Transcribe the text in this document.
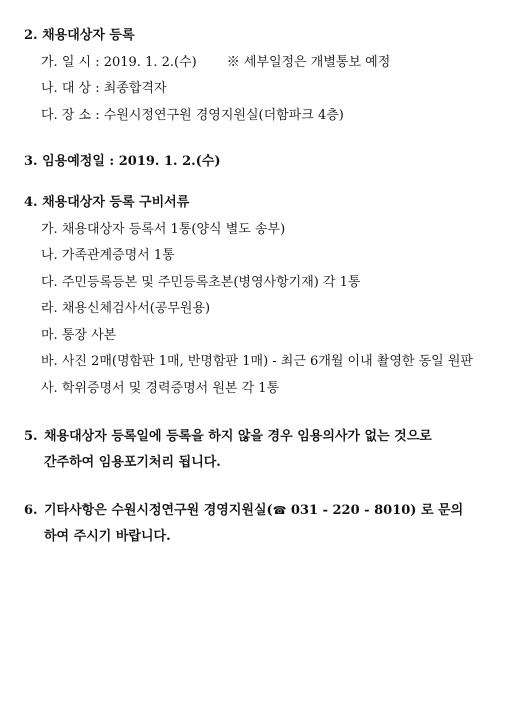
2. 채용대상자 등록
가. 일 시 : 2019. 1. 2.(수) ※ 세부일정은 개별통보 예정
나. 대 상 : 최종합격자
다. 장 소 : 수원시정연구원 경영지원실(더함파크 4층)
3. 임용예정일 : 2019. 1. 2.(수)
4. 채용대상자 등록 구비서류
가. 채용대상자 등록서 1통(양식 별도 송부)
나. 가족관계증명서 1통
다. 주민등록등본 및 주민등록초본(병영사항기재) 각 1통
라. 채용신체검사서(공무원용)
마. 통장 사본
바. 사진 2매(명함판 1매, 반명함판 1매) - 최근 6개월 이내 촬영한 동일 원판
사. 학위증명서 및 경력증명서 원본 각 1통
5. 채용대상자 등록일에 등록을 하지 않을 경우 임용의사가 없는 것으로
간주하여 임용포기처리 됩니다.
6. 기타사항은 수원시정연구원 경영지원실(☎ 031 - 220 - 8010) 로 문의
하여 주시기 바랍니다.
